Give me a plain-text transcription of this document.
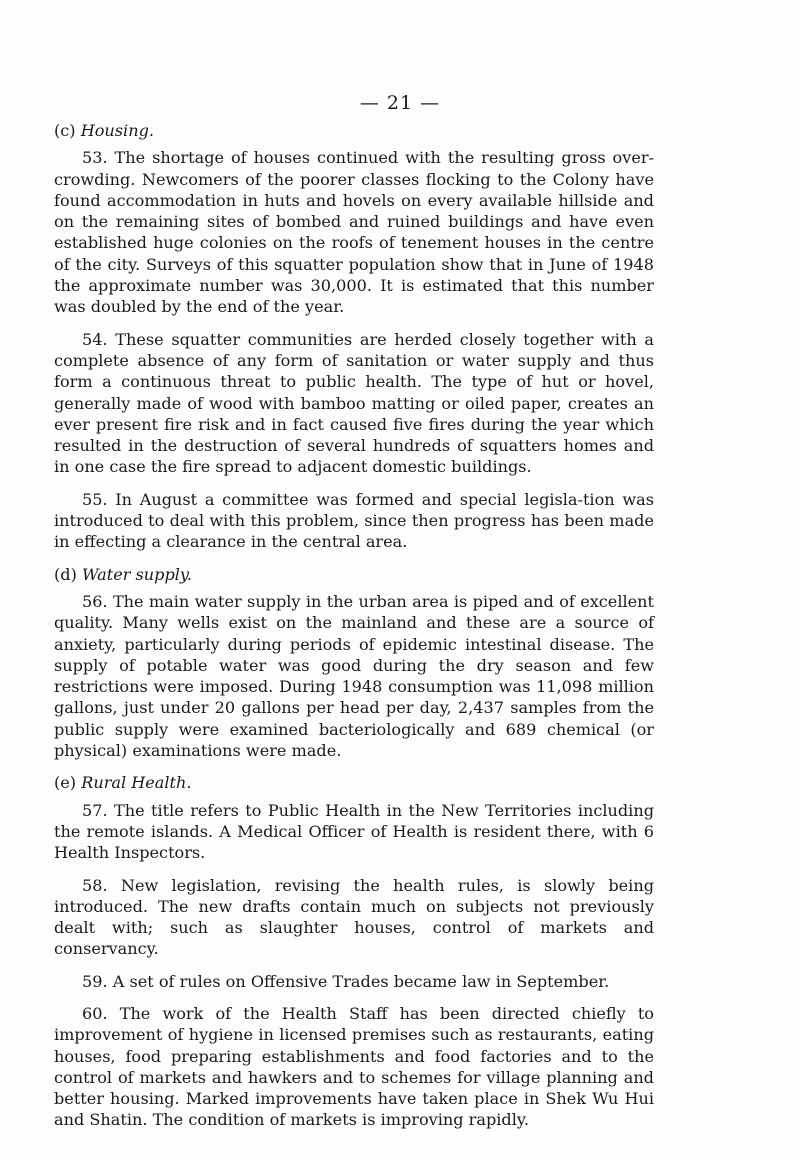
— 21 —
(c) Housing.

53. The shortage of houses continued with the resulting gross over-crowding. Newcomers of the poorer classes flocking to the Colony have found accommodation in huts and hovels on every available hillside and on the remaining sites of bombed and ruined buildings and have even established huge colonies on the roofs of tenement houses in the centre of the city. Surveys of this squatter population show that in June of 1948 the approximate number was 30,000. It is estimated that this number was doubled by the end of the year.

54. These squatter communities are herded closely together with a complete absence of any form of sanitation or water supply and thus form a continuous threat to public health. The type of hut or hovel, generally made of wood with bamboo matting or oiled paper, creates an ever present fire risk and in fact caused five fires during the year which resulted in the destruction of several hundreds of squatters homes and in one case the fire spread to adjacent domestic buildings.

55. In August a committee was formed and special legisla-tion was introduced to deal with this problem, since then progress has been made in effecting a clearance in the central area.

(d) Water supply.

56. The main water supply in the urban area is piped and of excellent quality. Many wells exist on the mainland and these are a source of anxiety, particularly during periods of epidemic intestinal disease. The supply of potable water was good during the dry season and few restrictions were imposed. During 1948 consumption was 11,098 million gallons, just under 20 gallons per head per day, 2,437 samples from the public supply were examined bacteriologically and 689 chemical (or physical) examinations were made.

(e) Rural Health.

57. The title refers to Public Health in the New Territories including the remote islands. A Medical Officer of Health is resident there, with 6 Health Inspectors.

58. New legislation, revising the health rules, is slowly being introduced. The new drafts contain much on subjects not previously dealt with; such as slaughter houses, control of markets and conservancy.

59. A set of rules on Offensive Trades became law in September.

60. The work of the Health Staff has been directed chiefly to improvement of hygiene in licensed premises such as restaurants, eating houses, food preparing establishments and food factories and to the control of markets and hawkers and to schemes for village planning and better housing. Marked improvements have taken place in Shek Wu Hui and Shatin. The condition of markets is improving rapidly.
